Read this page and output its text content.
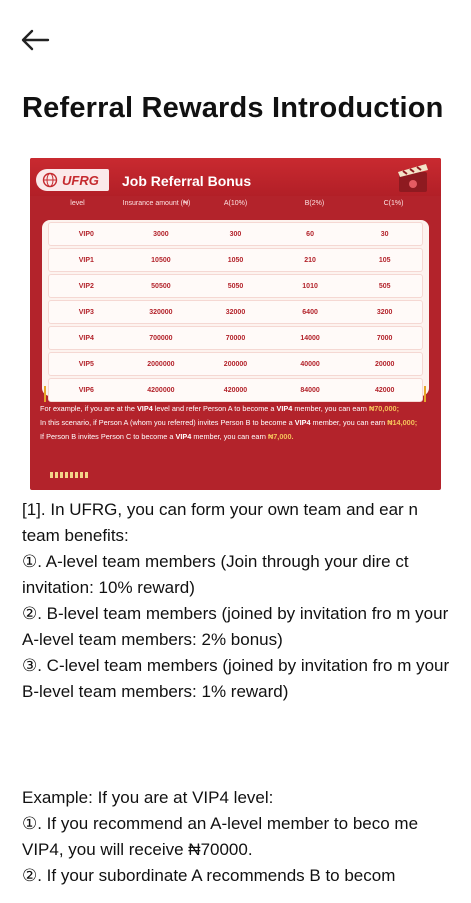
Referral Rewards Introduction
UFRG Job Referral Bonus
level	Insurance amount (₦)	A(10%)	B(2%)	C(1%)
VIP0	3000	300	60	30
VIP1	10500	1050	210	105
VIP2	50500	5050	1010	505
VIP3	320000	32000	6400	3200
VIP4	700000	70000	14000	7000
VIP5	2000000	200000	40000	20000
VIP6	4200000	420000	84000	42000

For example, if you are at the VIP4 level and refer Person A to become a VIP4 member, you can earn ₦70,000;

In this scenario, if Person A (whom you referred) invites Person B to become a VIP4 member, you can earn ₦14,000;

If Person B invites Person C to become a VIP4 member, you can earn ₦7,000.

[1]. In UFRG, you can form your own team and ear n team benefits:

①. A-level team members (Join through your dire ct invitation: 10% reward)

②. B-level team members (joined by invitation fro m your A-level team members: 2% bonus)

③. C-level team members (joined by invitation fro m your B-level team members: 1% reward)

Example: If you are at VIP4 level:

①. If you recommend an A-level member to beco me VIP4, you will receive ₦70000.

②. If your subordinate A recommends B to becom
